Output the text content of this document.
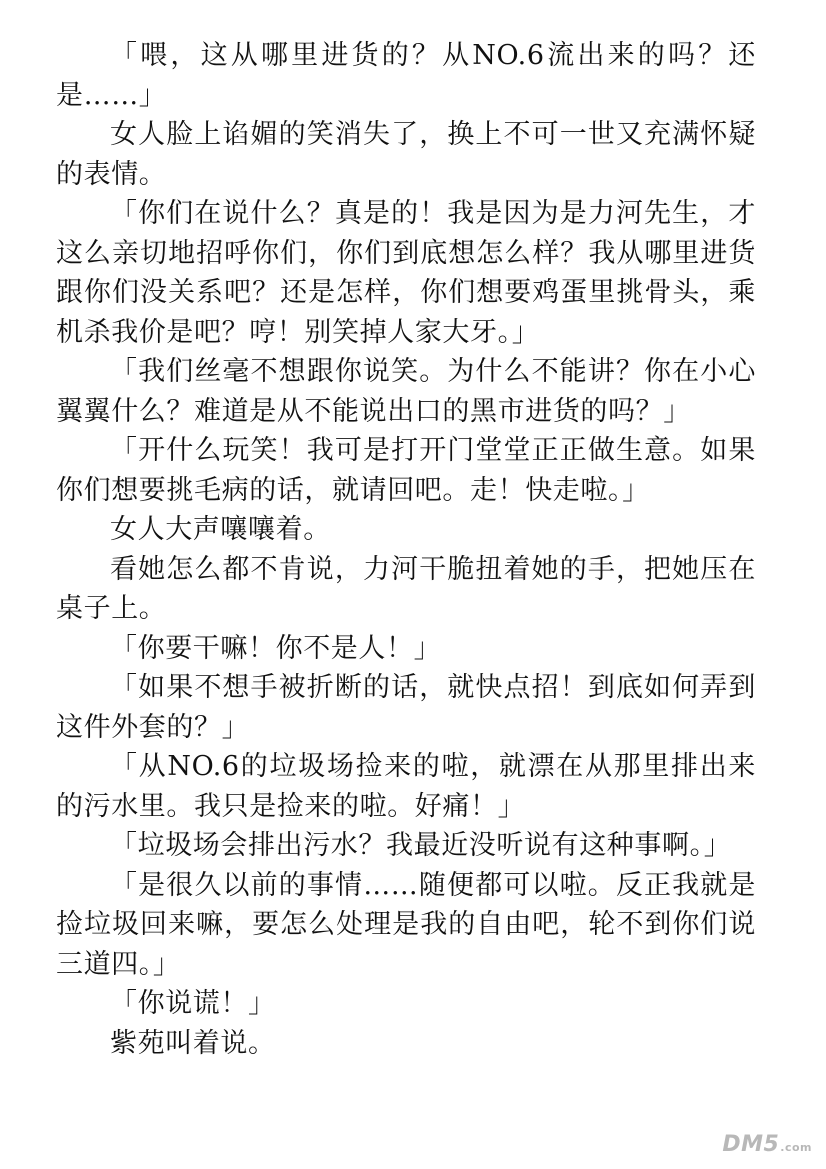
「喂，这从哪里进货的？从NO.6流出来的吗？还是……」

女人脸上谄媚的笑消失了，换上不可一世又充满怀疑的表情。

「你们在说什么？真是的！我是因为是力河先生，才这么亲切地招呼你们，你们到底想怎么样？我从哪里进货跟你们没关系吧？还是怎样，你们想要鸡蛋里挑骨头，乘机杀我价是吧？哼！别笑掉人家大牙。」

「我们丝毫不想跟你说笑。为什么不能讲？你在小心翼翼什么？难道是从不能说出口的黑市进货的吗？」

「开什么玩笑！我可是打开门堂堂正正做生意。如果你们想要挑毛病的话，就请回吧。走！快走啦。」

女人大声嚷嚷着。

看她怎么都不肯说，力河干脆扭着她的手，把她压在桌子上。

「你要干嘛！你不是人！」

「如果不想手被折断的话，就快点招！到底如何弄到这件外套的？」

「从NO.6的垃圾场捡来的啦，就漂在从那里排出来的污水里。我只是捡来的啦。好痛！」

「垃圾场会排出污水？我最近没听说有这种事啊。」

「是很久以前的事情……随便都可以啦。反正我就是捡垃圾回来嘛，要怎么处理是我的自由吧，轮不到你们说三道四。」

「你说谎！」

紫苑叫着说。

DM5 .com
